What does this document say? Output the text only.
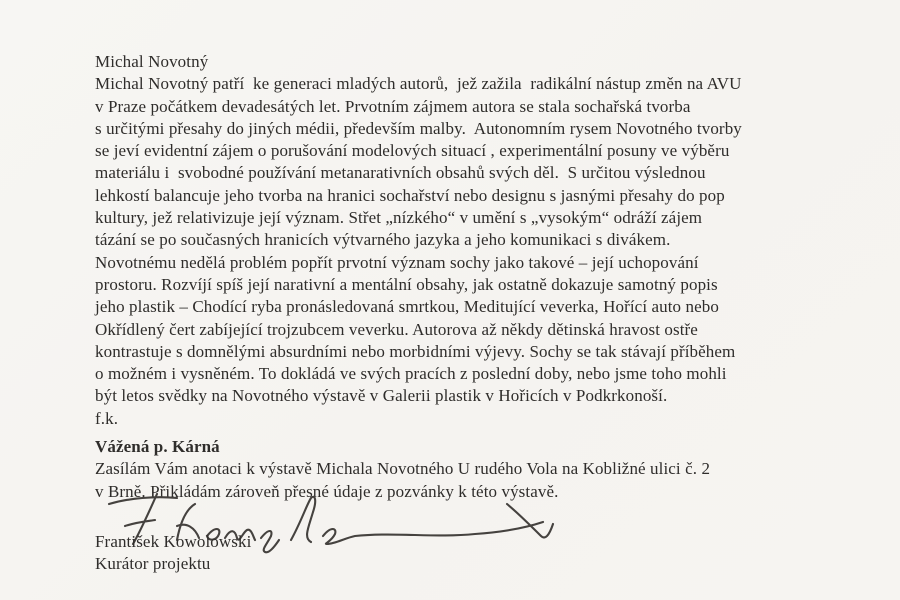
Michal Novotný
Michal Novotný patří  ke generaci mladých autorů,  jež zažila  radikální nástup změn na AVU
v Praze počátkem devadesátých let. Prvotním zájmem autora se stala sochařská tvorba
s určitými přesahy do jiných médii, především malby.  Autonomním rysem Novotného tvorby
se jeví evidentní zájem o porušování modelových situací , experimentální posuny ve výběru
materiálu i  svobodné používání metanarativních obsahů svých děl.  S určitou výslednou
lehkostí balancuje jeho tvorba na hranici sochařství nebo designu s jasnými přesahy do pop
kultury, jež relativizuje její význam. Střet „nízkého“ v umění s „vysokým“ odráží zájem
tázání se po současných hranicích výtvarného jazyka a jeho komunikaci s divákem.
Novotnému nedělá problém popřít prvotní význam sochy jako takové – její uchopování
prostoru. Rozvíjí spíš její narativní a mentální obsahy, jak ostatně dokazuje samotný popis
jeho plastik – Chodící ryba pronásledovaná smrtkou, Meditující veverka, Hořící auto nebo
Okřídlený čert zabíjející trojzubcem veverku. Autorova až někdy dětinská hravost ostře
kontrastuje s domnělými absurdními nebo morbidními výjevy. Sochy se tak stávají příběhem
o možném i vysněném. To dokládá ve svých pracích z poslední doby, nebo jsme toho mohli
být letos svědky na Novotného výstavě v Galerii plastik v Hořicích v Podkrkonoší.
f.k.
Vážená p. Kárná
Zasílám Vám anotaci k výstavě Michala Novotného U rudého Vola na Kobližné ulici č. 2
v Brně. Přikládám zároveň přesné údaje z pozvánky k této výstavě.
František Kowolowski
Kurátor projektu
